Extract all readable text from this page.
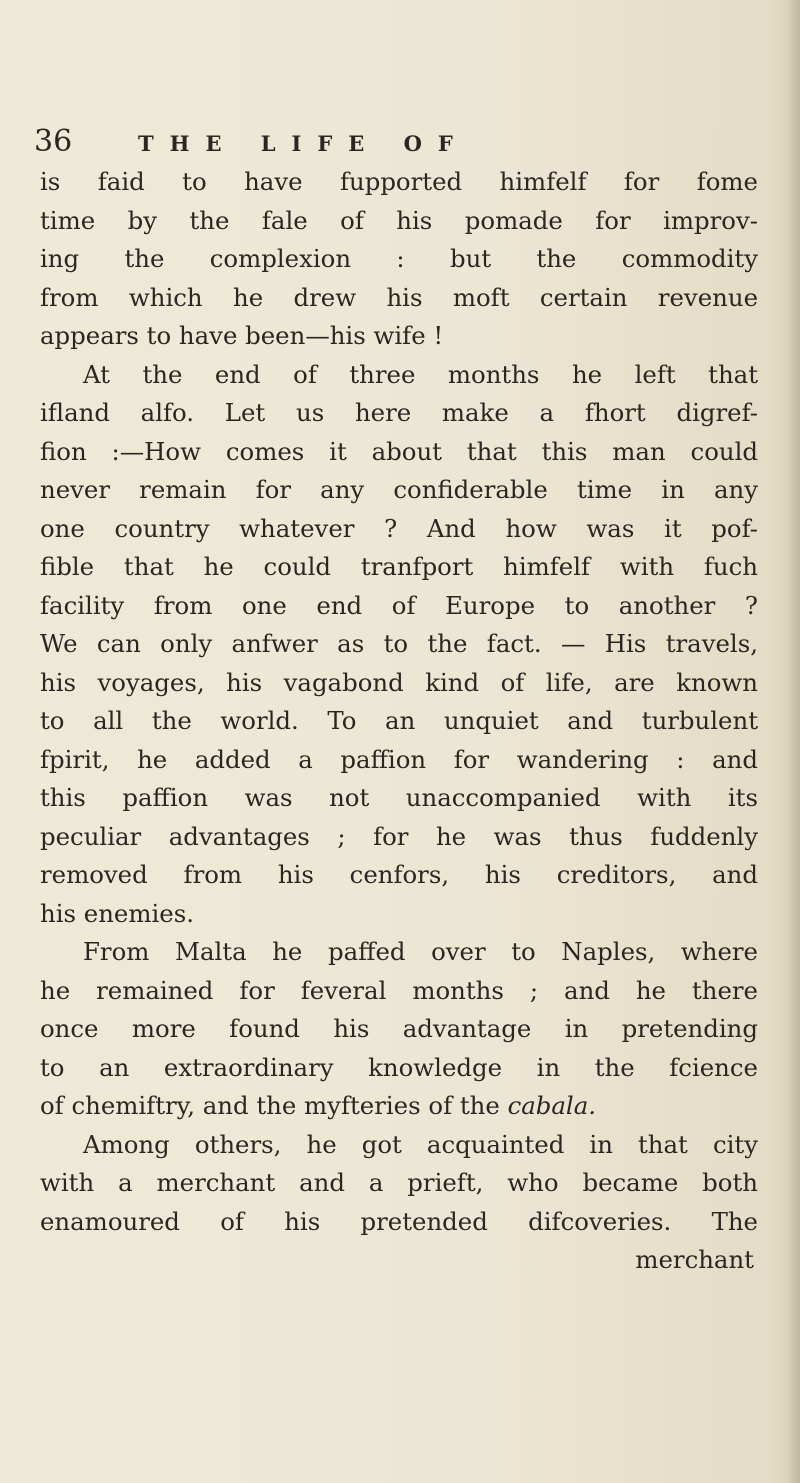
36	THE LIFE OF
is faid to have fupported himfelf for fome
time by the fale of his pomade for improv-
ing the complexion : but the commodity
from which he drew his moft certain revenue
appears to have been—his wife !
At the end of three months he left that
ifland alfo. Let us here make a fhort digref-
fion :—How comes it about that this man could
never remain for any confiderable time in any
one country whatever ? And how was it pof-
fible that he could tranfport himfelf with fuch
facility from one end of Europe to another ?
We can only anfwer as to the fact. — His travels,
his voyages, his vagabond kind of life, are known
to all the world. To an unquiet and turbulent
fpirit, he added a paffion for wandering : and
this paffion was not unaccompanied with its
peculiar advantages ; for he was thus fuddenly
removed from his cenfors, his creditors, and
his enemies.
From Malta he paffed over to Naples, where
he remained for feveral months ; and he there
once more found his advantage in pretending
to an extraordinary knowledge in the fcience
of chemiftry, and the myfteries of the cabala.
Among others, he got acquainted in that city
with a merchant and a prieft, who became both
enamoured of his pretended difcoveries. The
merchant
